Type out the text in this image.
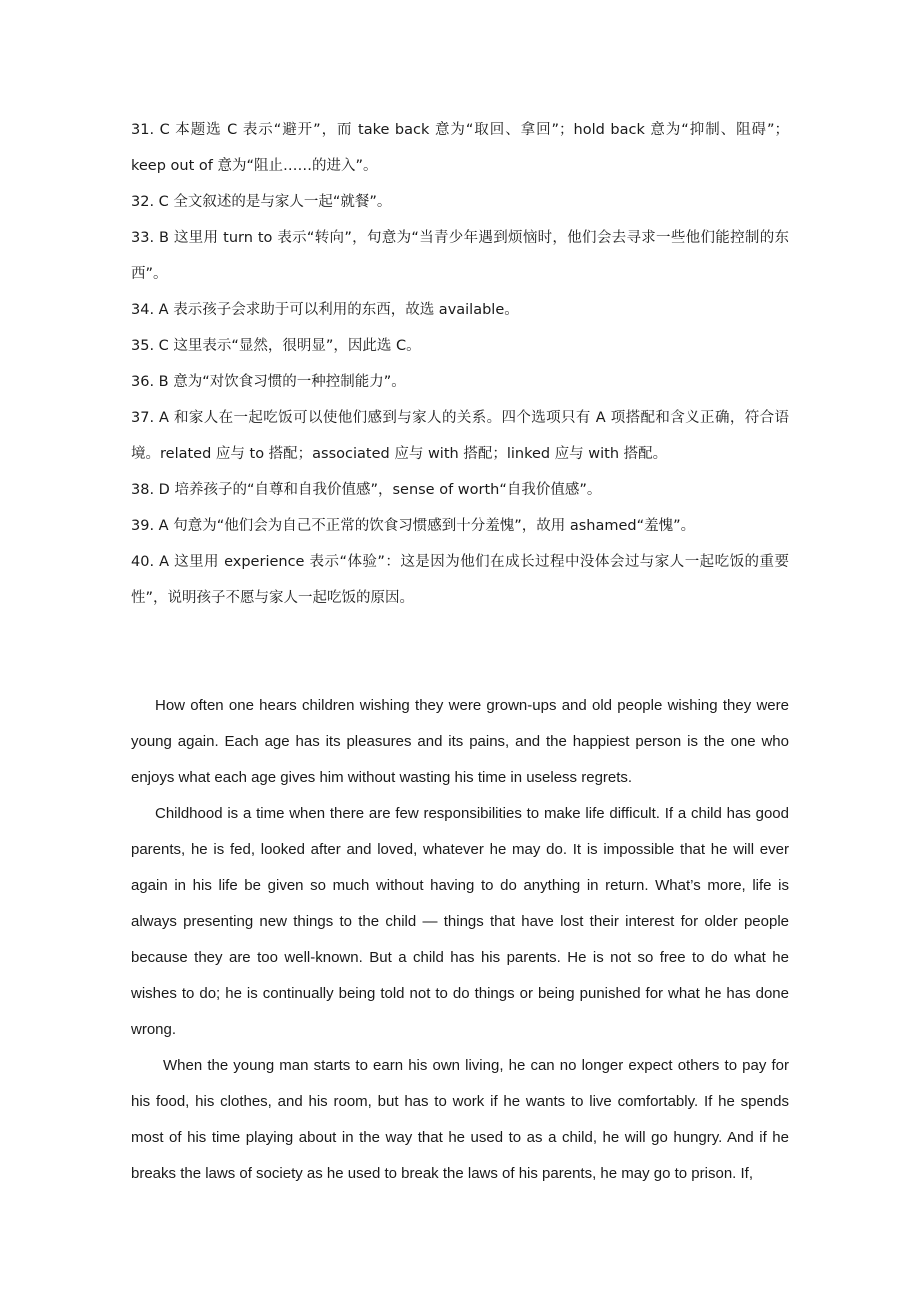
31. C 本题选 C 表示“避开”，而 take back 意为“取回、拿回”；hold back 意为“抑制、阻碍”；keep out of 意为“阻止……的进入”。

32. C 全文叙述的是与家人一起“就餐”。

33. B 这里用 turn to 表示“转向”，句意为“当青少年遇到烦恼时，他们会去寻求一些他们能控制的东西”。

34. A 表示孩子会求助于可以利用的东西，故选 available。

35. C 这里表示“显然，很明显”，因此选 C。

36. B 意为“对饮食习惯的一种控制能力”。

37. A 和家人在一起吃饭可以使他们感到与家人的关系。四个选项只有 A 项搭配和含义正确，符合语境。related 应与 to 搭配；associated 应与 with 搭配；linked 应与 with 搭配。

38. D 培养孩子的“自尊和自我价值感”，sense of worth“自我价值感”。

39. A 句意为“他们会为自己不正常的饮食习惯感到十分羞愧”，故用 ashamed“羞愧”。

40. A 这里用 experience 表示“体验”：这是因为他们在成长过程中没体会过与家人一起吃饭的重要性”，说明孩子不愿与家人一起吃饭的原因。

How often one hears children wishing they were grown-ups and old people wishing they were young again. Each age has its pleasures and its pains, and the happiest person is the one who enjoys what each age gives him without wasting his time in useless regrets.

Childhood is a time when there are few responsibilities to make life difficult. If a child has good parents, he is fed, looked after and loved, whatever he may do. It is impossible that he will ever again in his life be given so much without having to do anything in return. What’s more, life is always presenting new things to the child — things that have lost their interest for older people because they are too well-known. But a child has his parents. He is not so free to do what he wishes to do; he is continually being told not to do things or being punished for what he has done wrong.

When the young man starts to earn his own living, he can no longer expect others to pay for his food, his clothes, and his room, but has to work if he wants to live comfortably. If he spends most of his time playing about in the way that he used to as a child, he will go hungry. And if he breaks the laws of society as he used to break the laws of his parents, he may go to prison. If,
